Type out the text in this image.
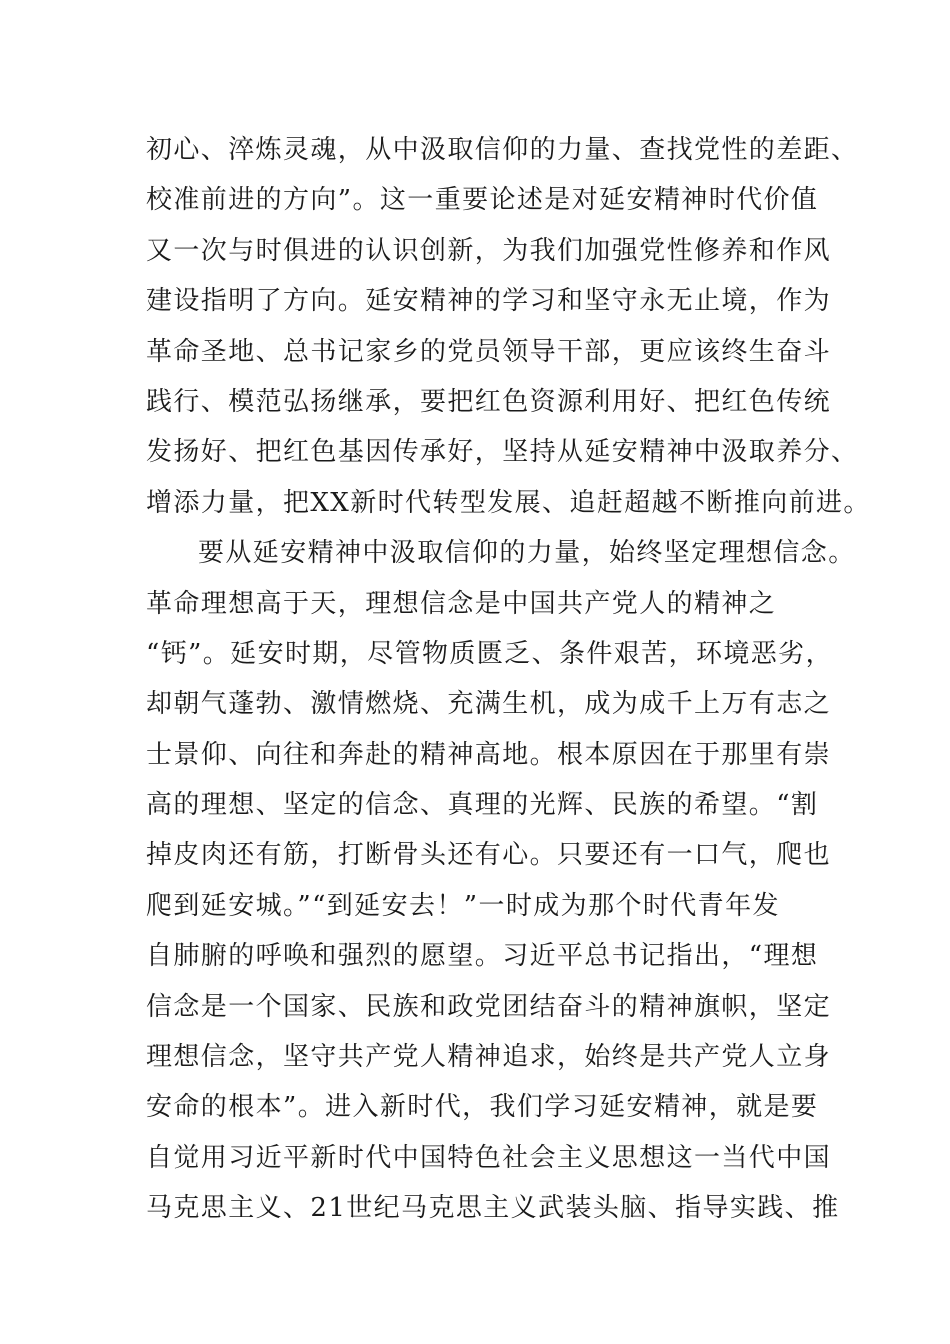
初心、淬炼灵魂，从中汲取信仰的力量、查找党性的差距、
校准前进的方向”。这一重要论述是对延安精神时代价值
又一次与时俱进的认识创新，为我们加强党性修养和作风
建设指明了方向。延安精神的学习和坚守永无止境，作为
革命圣地、总书记家乡的党员领导干部，更应该终生奋斗
践行、模范弘扬继承，要把红色资源利用好、把红色传统
发扬好、把红色基因传承好，坚持从延安精神中汲取养分、
增添力量，把XX新时代转型发展、追赶超越不断推向前进。
要从延安精神中汲取信仰的力量，始终坚定理想信念。
革命理想高于天，理想信念是中国共产党人的精神之
“钙”。延安时期，尽管物质匮乏、条件艰苦，环境恶劣，
却朝气蓬勃、激情燃烧、充满生机，成为成千上万有志之
士景仰、向往和奔赴的精神高地。根本原因在于那里有崇
高的理想、坚定的信念、真理的光辉、民族的希望。“割
掉皮肉还有筋，打断骨头还有心。只要还有一口气，爬也
爬到延安城。”“到延安去！”一时成为那个时代青年发
自肺腑的呼唤和强烈的愿望。习近平总书记指出，“理想
信念是一个国家、民族和政党团结奋斗的精神旗帜，坚定
理想信念，坚守共产党人精神追求，始终是共产党人立身
安命的根本”。进入新时代，我们学习延安精神，就是要
自觉用习近平新时代中国特色社会主义思想这一当代中国
马克思主义、21世纪马克思主义武装头脑、指导实践、推
